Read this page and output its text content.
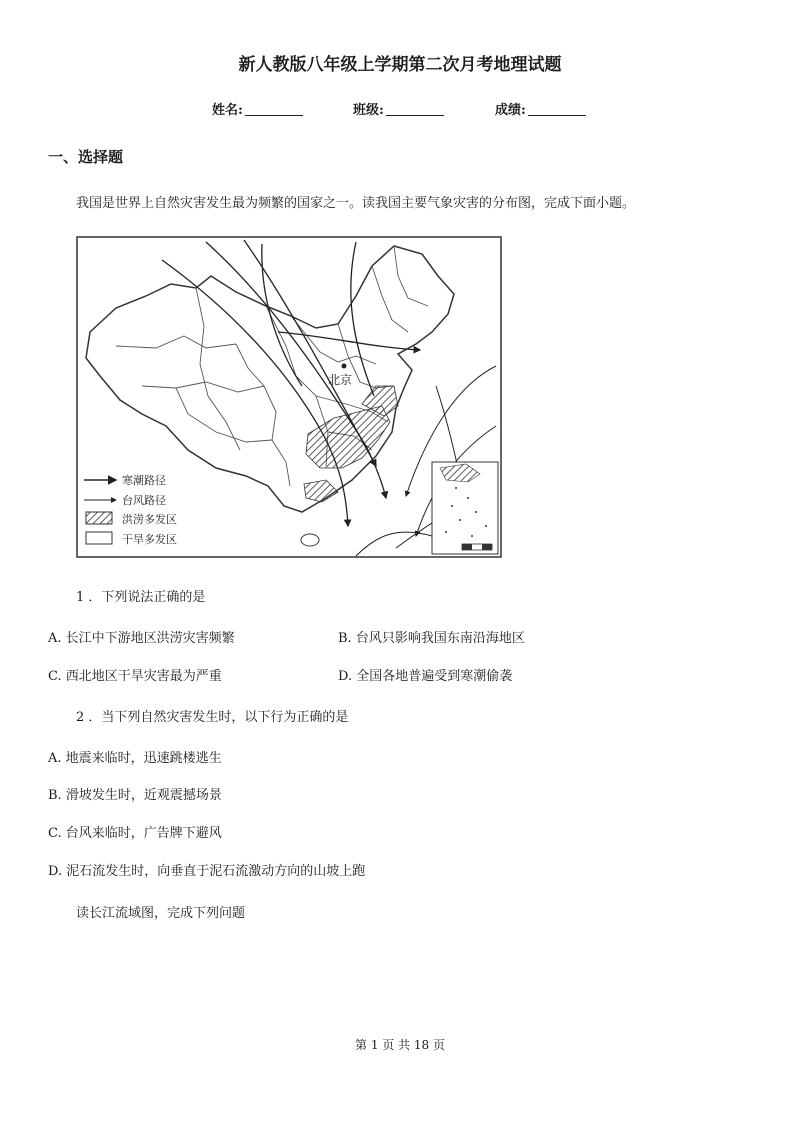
新人教版八年级上学期第二次月考地理试题
姓名:	班级:	成绩:
一、选择题
我国是世界上自然灾害发生最为频繁的国家之一。读我国主要气象灾害的分布图，完成下面小题。
北京
寒潮路径
台风路径
洪涝多发区
干旱多发区
1 ．下列说法正确的是
A. 长江中下游地区洪涝灾害频繁	B. 台风只影响我国东南沿海地区
C. 西北地区干旱灾害最为严重	D. 全国各地普遍受到寒潮偷袭
2 ．当下列自然灾害发生时，以下行为正确的是
A. 地震来临时，迅速跳楼逃生
B. 滑坡发生时，近观震撼场景
C. 台风来临时，广告牌下避风
D. 泥石流发生时，向垂直于泥石流激动方向的山坡上跑
读长江流域图，完成下列问题
第 1 页 共 18 页
